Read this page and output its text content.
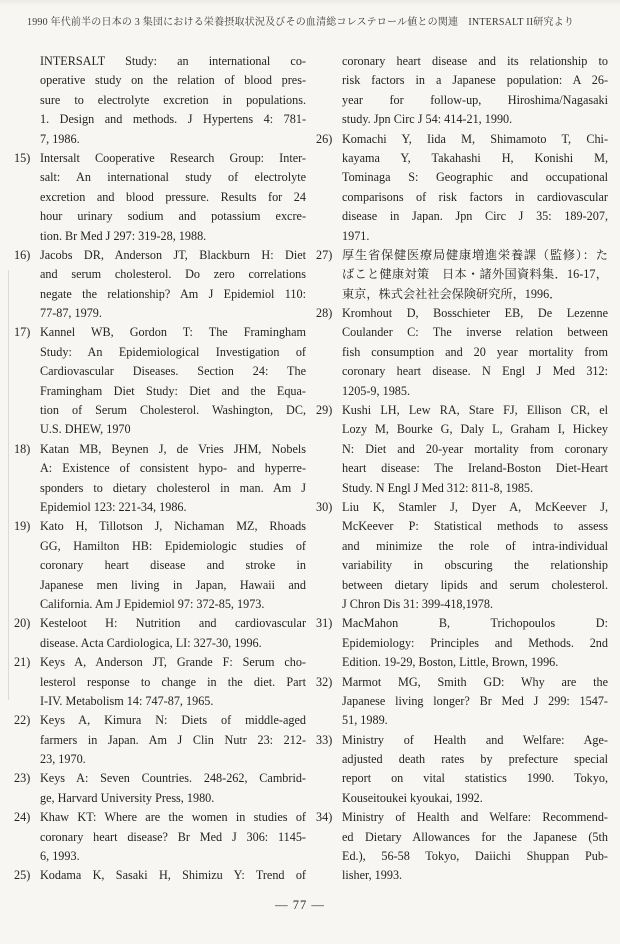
1990 年代前半の日本の 3 集団における栄養摂取状況及びその血清総コレステロール値との関連　INTERSALT II研究より
INTERSALT Study: an international co-
operative study on the relation of blood pres-
sure to electrolyte excretion in populations.
1. Design and methods. J Hypertens 4: 781-
7, 1986.
15) Intersalt Cooperative Research Group: Inter-
salt: An international study of electrolyte
excretion and blood pressure. Results for 24
hour urinary sodium and potassium excre-
tion. Br Med J 297: 319-28, 1988.
16) Jacobs DR, Anderson JT, Blackburn H: Diet
and serum cholesterol. Do zero correlations
negate the relationship? Am J Epidemiol 110:
77-87, 1979.
17) Kannel WB, Gordon T: The Framingham
Study: An Epidemiological Investigation of
Cardiovascular Diseases. Section 24: The
Framingham Diet Study: Diet and the Equa-
tion of Serum Cholesterol. Washington, DC,
U.S. DHEW, 1970
18) Katan MB, Beynen J, de Vries JHM, Nobels
A: Existence of consistent hypo- and hyperre-
sponders to dietary cholesterol in man. Am J
Epidemiol 123: 221-34, 1986.
19) Kato H, Tillotson J, Nichaman MZ, Rhoads
GG, Hamilton HB: Epidemiologic studies of
coronary heart disease and stroke in
Japanese men living in Japan, Hawaii and
California. Am J Epidemiol 97: 372-85, 1973.
20) Kesteloot H: Nutrition and cardiovascular
disease. Acta Cardiologica, LI: 327-30, 1996.
21) Keys A, Anderson JT, Grande F: Serum cho-
lesterol response to change in the diet. Part
I-IV. Metabolism 14: 747-87, 1965.
22) Keys A, Kimura N: Diets of middle-aged
farmers in Japan. Am J Clin Nutr 23: 212-
23, 1970.
23) Keys A: Seven Countries. 248-262, Cambrid-
ge, Harvard University Press, 1980.
24) Khaw KT: Where are the women in studies of
coronary heart disease? Br Med J 306: 1145-
6, 1993.
25) Kodama K, Sasaki H, Shimizu Y: Trend of
coronary heart disease and its relationship to
risk factors in a Japanese population: A 26-
year for follow-up, Hiroshima/Nagasaki
study. Jpn Circ J 54: 414-21, 1990.
26) Komachi Y, Iida M, Shimamoto T, Chi-
kayama Y, Takahashi H, Konishi M,
Tominaga S: Geographic and occupational
comparisons of risk factors in cardiovascular
disease in Japan. Jpn Circ J 35: 189-207,
1971.
27) 厚生省保健医療局健康増進栄養課（監修）：た
ばこと健康対策　日本・諸外国資料集．16-17，
東京，株式会社社会保険研究所，1996．
28) Kromhout D, Bosschieter EB, De Lezenne
Coulander C: The inverse relation between
fish consumption and 20 year mortality from
coronary heart disease. N Engl J Med 312:
1205-9, 1985.
29) Kushi LH, Lew RA, Stare FJ, Ellison CR, el
Lozy M, Bourke G, Daly L, Graham I, Hickey
N: Diet and 20-year mortality from coronary
heart disease: The Ireland-Boston Diet-Heart
Study. N Engl J Med 312: 811-8, 1985.
30) Liu K, Stamler J, Dyer A, McKeever J,
McKeever P: Statistical methods to assess
and minimize the role of intra-individual
variability in obscuring the relationship
between dietary lipids and serum cholesterol.
J Chron Dis 31: 399-418,1978.
31) MacMahon B, Trichopoulos D:
Epidemiology: Principles and Methods. 2nd
Edition. 19-29, Boston, Little, Brown, 1996.
32) Marmot MG, Smith GD: Why are the
Japanese living longer? Br Med J 299: 1547-
51, 1989.
33) Ministry of Health and Welfare: Age-
adjusted death rates by prefecture special
report on vital statistics 1990. Tokyo,
Kouseitoukei kyoukai, 1992.
34) Ministry of Health and Welfare: Recommend-
ed Dietary Allowances for the Japanese (5th
Ed.), 56-58 Tokyo, Daiichi Shuppan Pub-
lisher, 1993.
— 77 —
